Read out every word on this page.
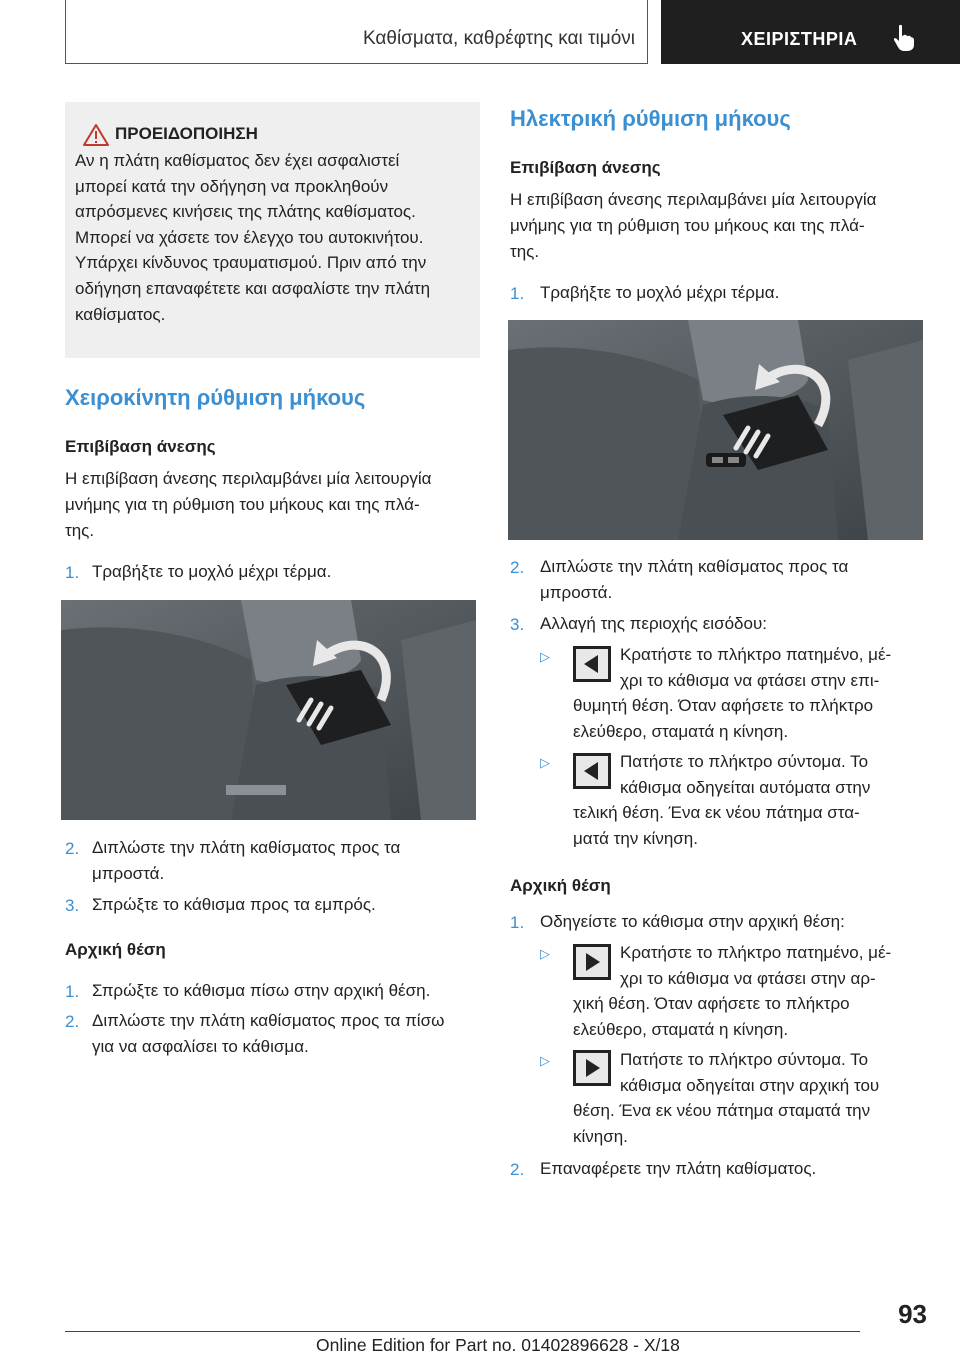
Καθίσματα, καθρέφτης και τιμόνι	ΧΕΙΡΙΣΤΗΡΙΑ
ΠΡΟΕΙΔΟΠΟΙΗΣΗ

Αν η πλάτη καθίσματος δεν έχει ασφαλιστεί

μπορεί κατά την οδήγηση να προκληθούν

απρόσμενες κινήσεις της πλάτης καθίσματος.

Μπορεί να χάσετε τον έλεγχο του αυτοκινήτου.

Υπάρχει κίνδυνος τραυματισμού. Πριν από την

οδήγηση επαναφέτετε και ασφαλίστε την πλάτη

καθίσματος.

Χειροκίνητη ρύθμιση μήκους
Επιβίβαση άνεσης
Η επιβίβαση άνεσης περιλαμβάνει μία λειτουργία
μνήμης για τη ρύθμιση του μήκους και της πλά-
της.
1. Τραβήξτε το μοχλό μέχρι τέρμα.
2. Διπλώστε την πλάτη καθίσματος προς τα
μπροστά.
3. Σπρώξτε το κάθισμα προς τα εμπρός.
Αρχική θέση
1. Σπρώξτε το κάθισμα πίσω στην αρχική θέση.
2. Διπλώστε την πλάτη καθίσματος προς τα πίσω
για να ασφαλίσει το κάθισμα.
Ηλεκτρική ρύθμιση μήκους
Επιβίβαση άνεσης
Η επιβίβαση άνεσης περιλαμβάνει μία λειτουργία
μνήμης για τη ρύθμιση του μήκους και της πλά-
της.
1. Τραβήξτε το μοχλό μέχρι τέρμα.
2. Διπλώστε την πλάτη καθίσματος προς τα
μπροστά.
3. Αλλαγή της περιοχής εισόδου:
▷	Κρατήστε το πλήκτρο πατημένο, μέ-
χρι το κάθισμα να φτάσει στην επι-
θυμητή θέση. Όταν αφήσετε το πλήκτρο
ελεύθερο, σταματά η κίνηση.
▷	Πατήστε το πλήκτρο σύντομα. Το
κάθισμα οδηγείται αυτόματα στην
τελική θέση. Ένα εκ νέου πάτημα στα-
ματά την κίνηση.
Αρχική θέση
1. Οδηγείστε το κάθισμα στην αρχική θέση:
▷	Κρατήστε το πλήκτρο πατημένο, μέ-
χρι το κάθισμα να φτάσει στην αρ-
χική θέση. Όταν αφήσετε το πλήκτρο
ελεύθερο, σταματά η κίνηση.
▷	Πατήστε το πλήκτρο σύντομα. Το
κάθισμα οδηγείται στην αρχική του
θέση. Ένα εκ νέου πάτημα σταματά την
κίνηση.
2. Επαναφέρετε την πλάτη καθίσματος.
93
Online Edition for Part no. 01402896628 - X/18
